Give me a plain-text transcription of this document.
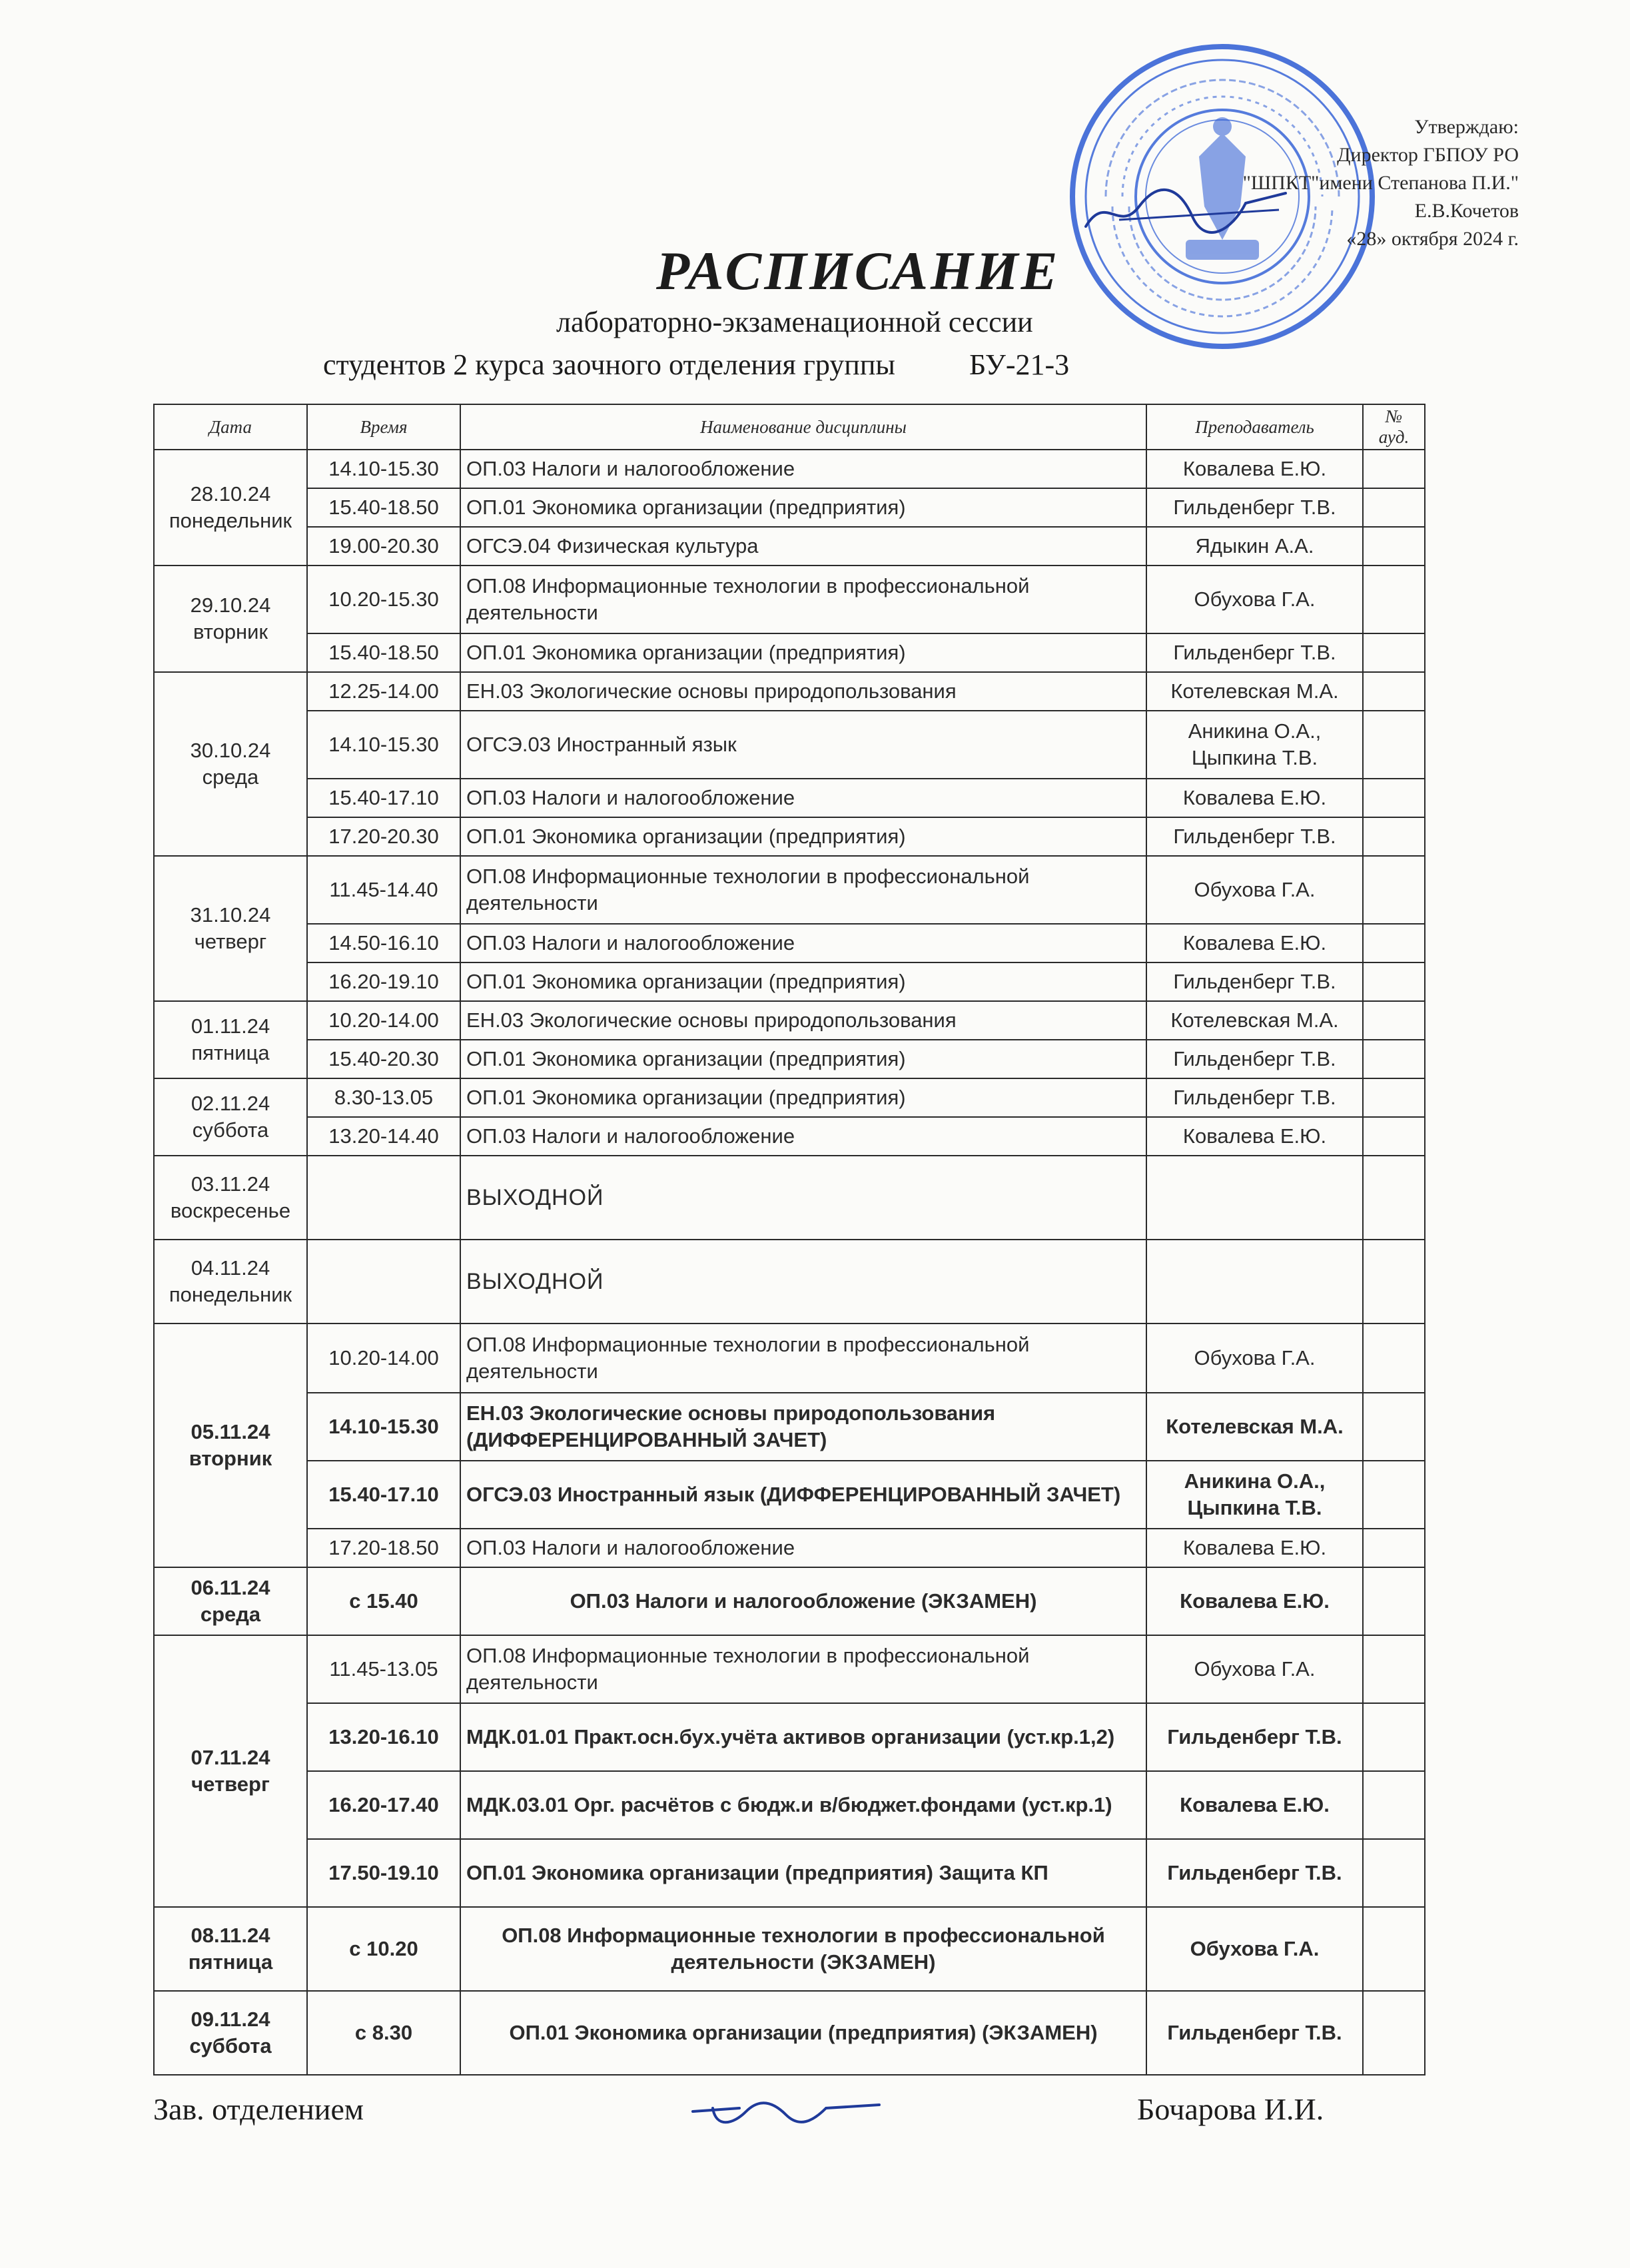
Утверждаю:
Директор ГБПОУ РО
"ШПКТ"имени Степанова П.И."
Е.В.Кочетов
«28» октября 2024 г.
РАСПИСАНИЕ
лабораторно-экзаменационной сессии
студентов 2 курса заочного отделения группы	БУ-21-3
Дата	Время	Наименование дисциплины	Преподаватель	№ ауд.
28.10.24
понедельник	14.10-15.30	ОП.03 Налоги и налогообложение	Ковалева Е.Ю.	
	15.40-18.50	ОП.01 Экономика организации (предприятия)	Гильденберг Т.В.	
	19.00-20.30	ОГСЭ.04 Физическая культура	Ядыкин А.А.	
29.10.24
вторник	10.20-15.30	ОП.08 Информационные технологии в профессиональной деятельности	Обухова Г.А.	
	15.40-18.50	ОП.01 Экономика организации (предприятия)	Гильденберг Т.В.	
30.10.24
среда	12.25-14.00	ЕН.03 Экологические основы природопользования	Котелевская М.А.	
	14.10-15.30	ОГСЭ.03 Иностранный язык	Аникина О.А., Цыпкина Т.В.	
	15.40-17.10	ОП.03 Налоги и налогообложение	Ковалева Е.Ю.	
	17.20-20.30	ОП.01 Экономика организации (предприятия)	Гильденберг Т.В.	
31.10.24
четверг	11.45-14.40	ОП.08 Информационные технологии в профессиональной деятельности	Обухова Г.А.	
	14.50-16.10	ОП.03 Налоги и налогообложение	Ковалева Е.Ю.	
	16.20-19.10	ОП.01 Экономика организации (предприятия)	Гильденберг Т.В.	
01.11.24
пятница	10.20-14.00	ЕН.03 Экологические основы природопользования	Котелевская М.А.	
	15.40-20.30	ОП.01 Экономика организации (предприятия)	Гильденберг Т.В.	
02.11.24
суббота	8.30-13.05	ОП.01 Экономика организации (предприятия)	Гильденберг Т.В.	
	13.20-14.40	ОП.03 Налоги и налогообложение	Ковалева Е.Ю.	
03.11.24
воскресенье		ВЫХОДНОЙ		
04.11.24
понедельник		ВЫХОДНОЙ		
05.11.24
вторник	10.20-14.00	ОП.08 Информационные технологии в профессиональной деятельности	Обухова Г.А.	
	14.10-15.30	ЕН.03 Экологические основы природопользования (ДИФФЕРЕНЦИРОВАННЫЙ ЗАЧЕТ)	Котелевская М.А.	
	15.40-17.10	ОГСЭ.03 Иностранный язык (ДИФФЕРЕНЦИРОВАННЫЙ ЗАЧЕТ)	Аникина О.А., Цыпкина Т.В.	
	17.20-18.50	ОП.03 Налоги и налогообложение	Ковалева Е.Ю.	
06.11.24
среда	с 15.40	ОП.03 Налоги и налогообложение (ЭКЗАМЕН)	Ковалева Е.Ю.	
07.11.24
четверг	11.45-13.05	ОП.08 Информационные технологии в профессиональной деятельности	Обухова Г.А.	
	13.20-16.10	МДК.01.01 Практ.осн.бух.учёта активов организации (уст.кр.1,2)	Гильденберг Т.В.	
	16.20-17.40	МДК.03.01 Орг. расчётов с бюдж.и в/бюджет.фондами (уст.кр.1)	Ковалева Е.Ю.	
	17.50-19.10	ОП.01 Экономика организации (предприятия) Защита КП	Гильденберг Т.В.	
08.11.24
пятница	с 10.20	ОП.08 Информационные технологии в профессиональной деятельности (ЭКЗАМЕН)	Обухова Г.А.	
09.11.24
суббота	с 8.30	ОП.01 Экономика организации (предприятия) (ЭКЗАМЕН)	Гильденберг Т.В.	
Зав. отделением	Бочарова И.И.
